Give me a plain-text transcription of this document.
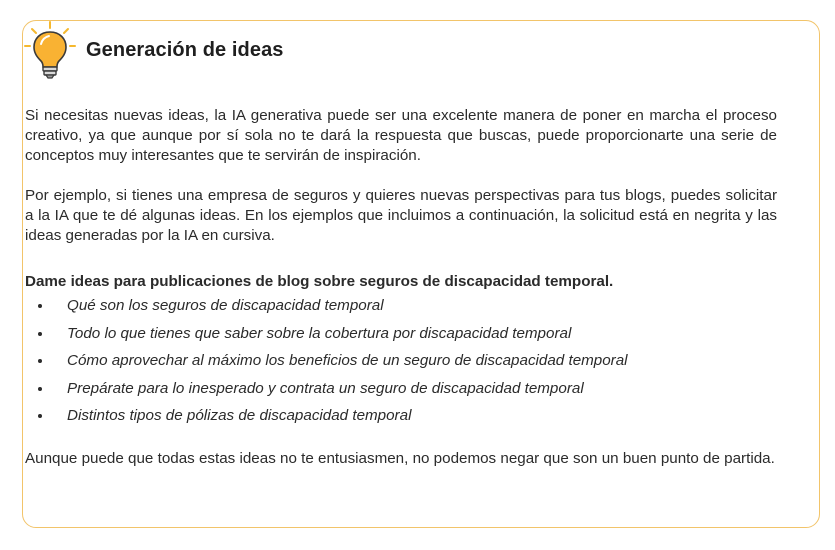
Generación de ideas

Si necesitas nuevas ideas, la IA generativa puede ser una excelente manera de poner en marcha el proceso creativo, ya que aunque por sí sola no te dará la respuesta que buscas, puede proporcionarte una serie de conceptos muy interesantes que te servirán de inspiración.

Por ejemplo, si tienes una empresa de seguros y quieres nuevas perspectivas para tus blogs, puedes solicitar a la IA que te dé algunas ideas. En los ejemplos que incluimos a continuación, la solicitud está en negrita y las ideas generadas por la IA en cursiva.

Dame ideas para publicaciones de blog sobre seguros de discapacidad temporal.

Qué son los seguros de discapacidad temporal
Todo lo que tienes que saber sobre la cobertura por discapacidad temporal
Cómo aprovechar al máximo los beneficios de un seguro de discapacidad temporal
Prepárate para lo inesperado y contrata un seguro de discapacidad temporal
Distintos tipos de pólizas de discapacidad temporal

Aunque puede que todas estas ideas no te entusiasmen, no podemos negar que son un buen punto de partida.
